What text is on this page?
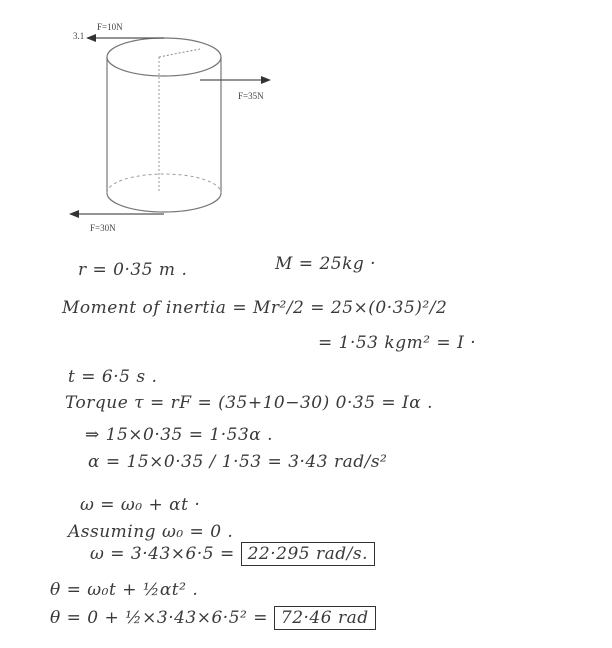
3.1
F=10N
F=35N
F=30N
r = 0·35 m .	M = 25kg ·
Moment of inertia = Mr²/2 = 25×(0·35)²/2
= 1·53 kgm² = I ·
t = 6·5 s .
Torque τ = rF = (35+10−30) 0·35 = Iα .
⇒ 15×0·35 = 1·53α .
α = 15×0·35 / 1·53 = 3·43 rad/s²
ω = ω₀ + αt ·
Assuming ω₀ = 0 .
ω = 3·43×6·5 = 22·295 rad/s.
θ = ω₀t + ½αt² .
θ = 0 + ½×3·43×6·5² = 72·46 rad
